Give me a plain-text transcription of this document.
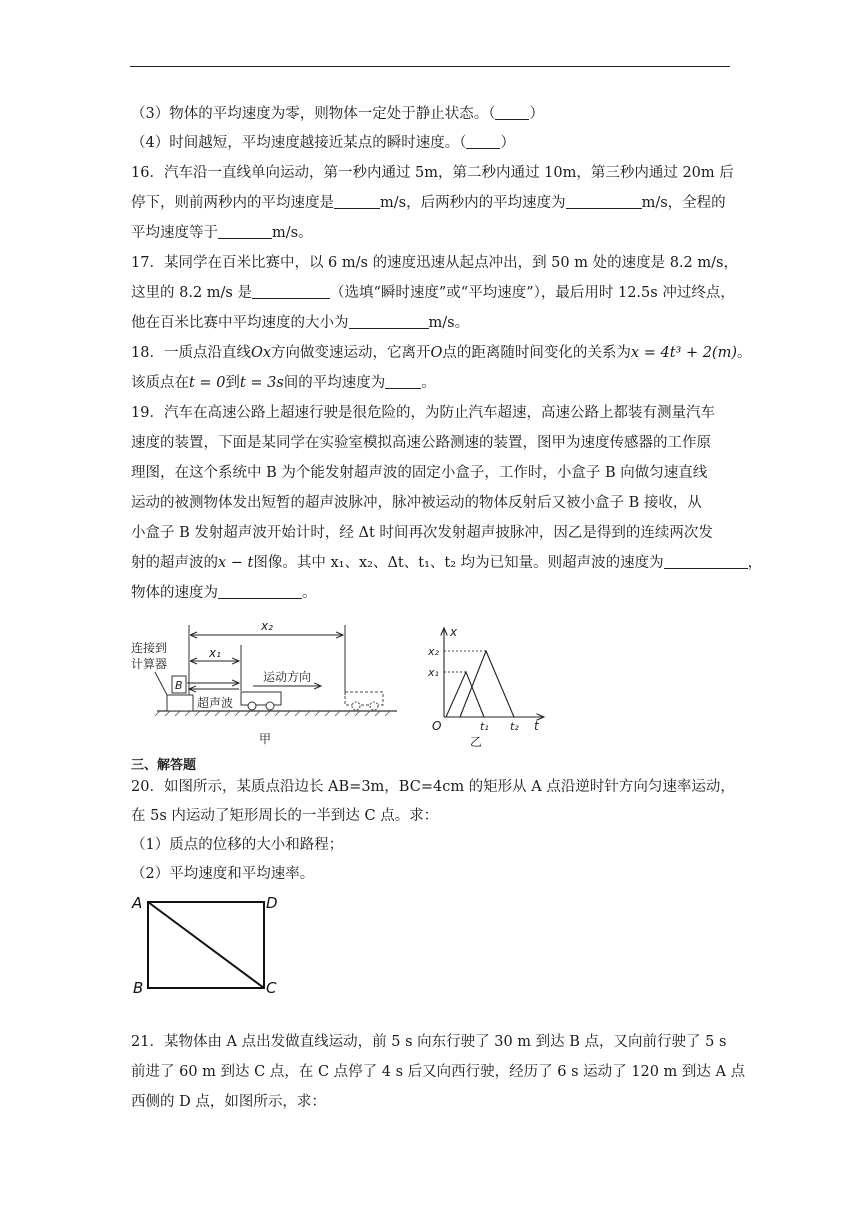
（3）物体的平均速度为零，则物体一定处于静止状态。（ ）
（4）时间越短，平均速度越接近某点的瞬时速度。（ ）
16．汽车沿一直线单向运动，第一秒内通过 5m，第二秒内通过 10m，第三秒内通过 20m 后
停下，则前两秒内的平均速度是	m/s，后两秒内的平均速度为	m/s，全程的
平均速度等于	m/s。
17．某同学在百米比赛中，以 6 m/s 的速度迅速从起点冲出，到 50 m 处的速度是 8.2 m/s，
这里的 8.2 m/s 是	（选填“瞬时速度”或“平均速度”），最后用时 12.5s 冲过终点，
他在百米比赛中平均速度的大小为	m/s。
18．一质点沿直线Ox方向做变速运动，它离开O点的距离随时间变化的关系为x = 4t³ + 2(m)。
该质点在t = 0到t = 3s间的平均速度为 。
19．汽车在高速公路上超速行驶是很危险的，为防止汽车超速，高速公路上都装有测量汽车
速度的装置，下面是某同学在实验室模拟高速公路测速的装置，图甲为速度传感器的工作原
理图，在这个系统中 B 为个能发射超声波的固定小盒子，工作时，小盒子 B 向做匀速直线
运动的被测物体发出短暂的超声波脉冲，脉冲被运动的物体反射后又被小盒子 B 接收，从
小盒子 B 发射超声波开始计时，经 Δt 时间再次发射超声披脉冲，因乙是得到的连续两次发
射的超声波的x − t图像。其中 x₁、x₂、Δt、t₁、t₂ 均为已知量。则超声波的速度为	，
物体的速度为	。
连接到
计算器
x₂
x₁
B
超声波
运动方向
甲
x
t
O
x₂
x₁
t₁ t₂
乙
三、解答题
20．如图所示，某质点沿边长 AB=3m，BC=4cm 的矩形从 A 点沿逆时针方向匀速率运动，
在 5s 内运动了矩形周长的一半到达 C 点。求：
（1）质点的位移的大小和路程；
（2）平均速度和平均速率。
A	D
B	C
21．某物体由 A 点出发做直线运动，前 5 s 向东行驶了 30 m 到达 B 点，又向前行驶了 5 s
前进了 60 m 到达 C 点，在 C 点停了 4 s 后又向西行驶，经历了 6 s 运动了 120 m 到达 A 点
西侧的 D 点，如图所示，求：
